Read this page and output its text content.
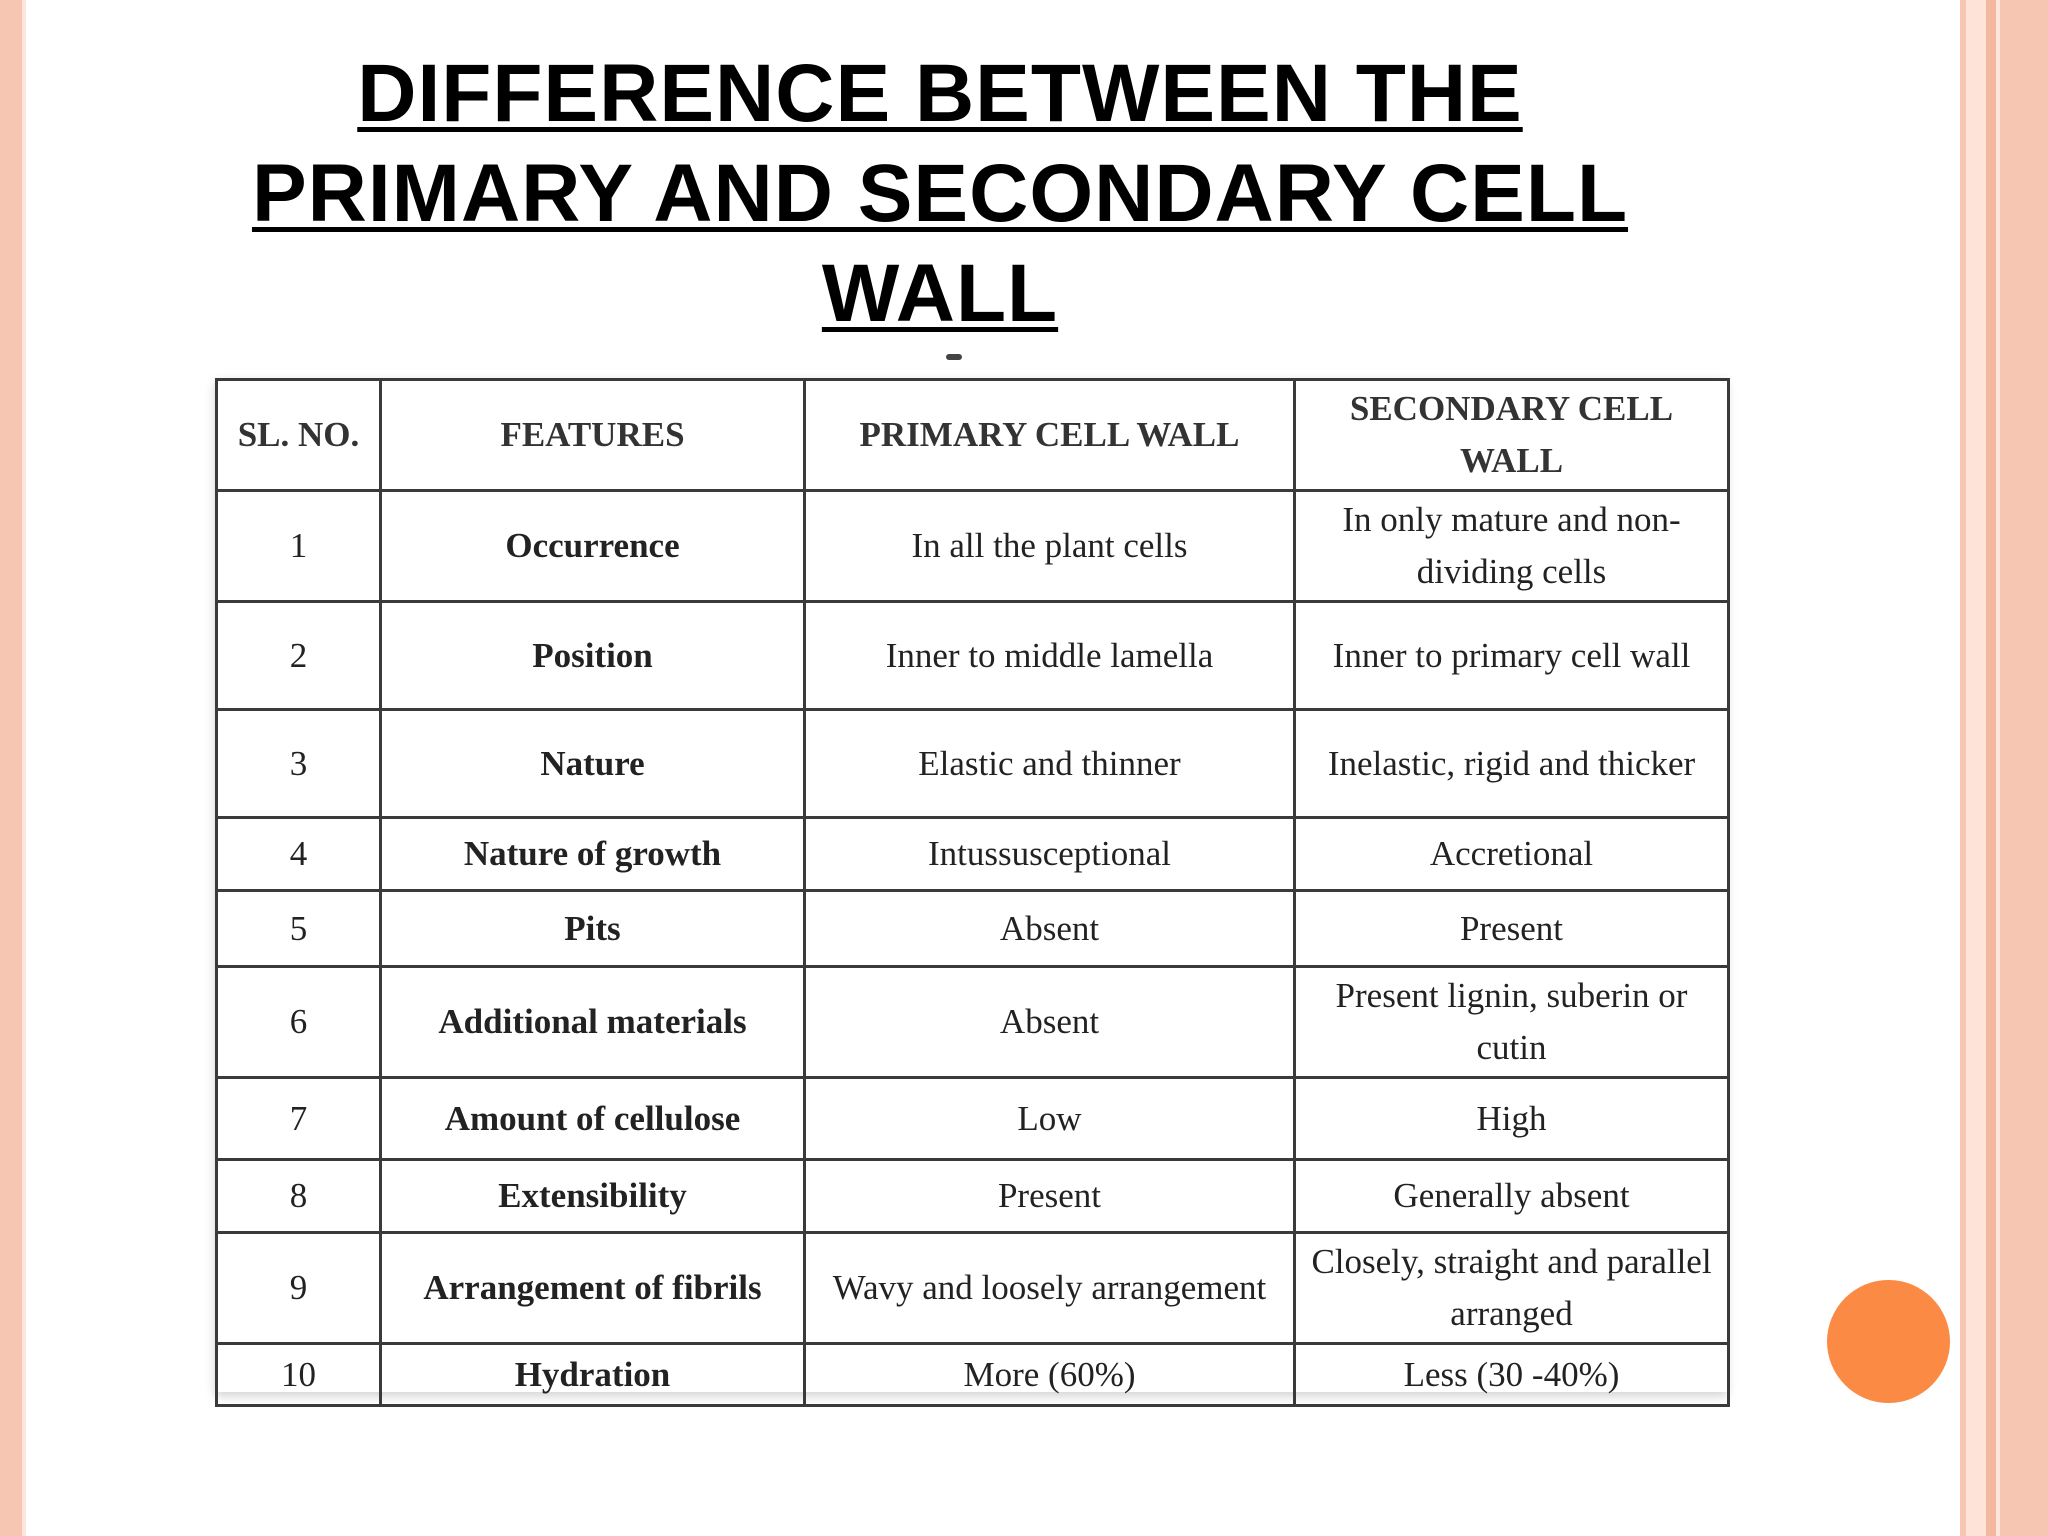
DIFFERENCE BETWEEN THE
PRIMARY AND SECONDARY CELL
WALL
SL. NO.	FEATURES	PRIMARY CELL WALL	SECONDARY CELL WALL
1	Occurrence	In all the plant cells	In only mature and non-dividing cells
2	Position	Inner to middle lamella	Inner to primary cell wall
3	Nature	Elastic and thinner	Inelastic, rigid and thicker
4	Nature of growth	Intussusceptional	Accretional
5	Pits	Absent	Present
6	Additional materials	Absent	Present lignin, suberin or cutin
7	Amount of cellulose	Low	High
8	Extensibility	Present	Generally absent
9	Arrangement of fibrils	Wavy and loosely arrangement	Closely, straight and parallel arranged
10	Hydration	More (60%)	Less (30 -40%)
